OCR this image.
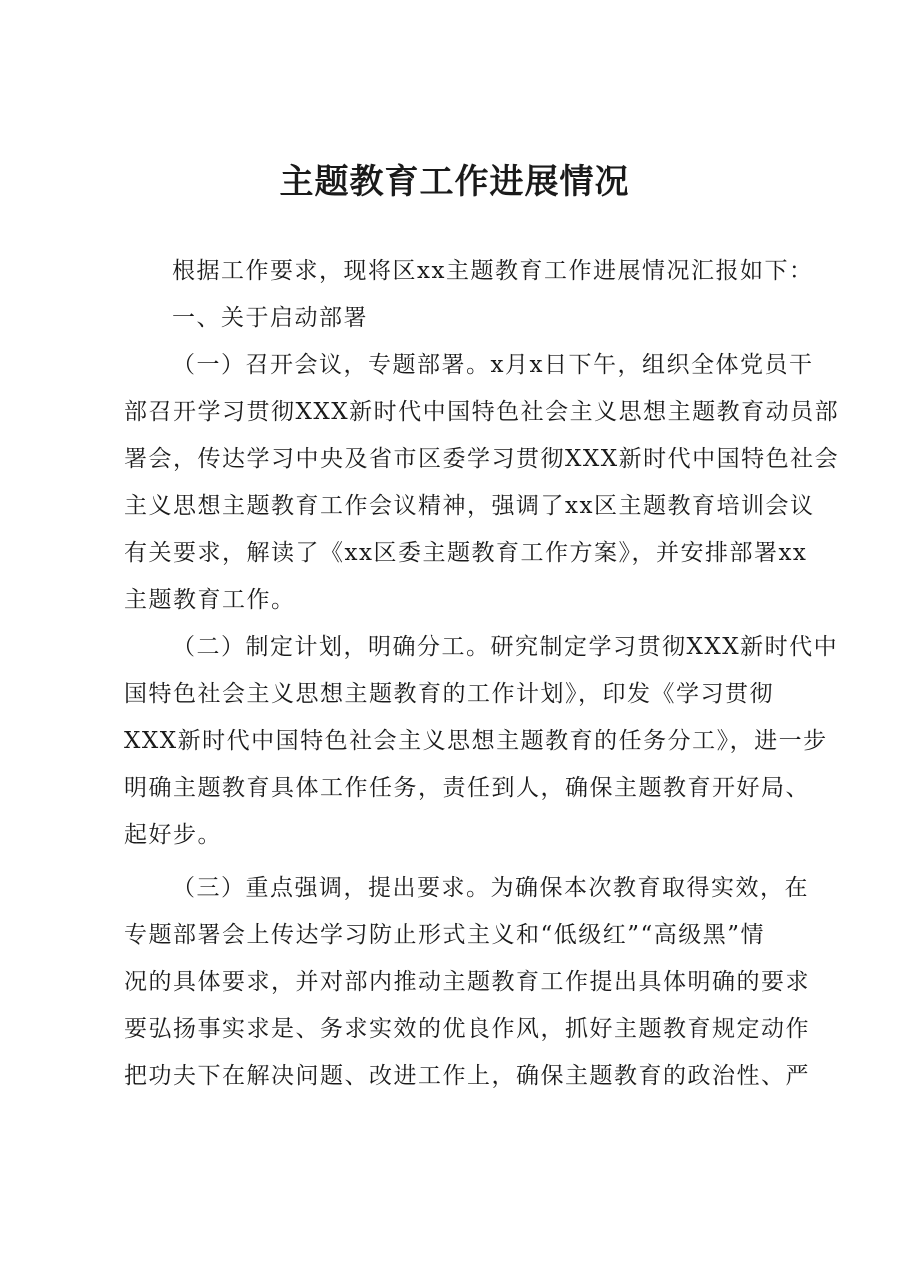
主题教育工作进展情况
根据工作要求，现将区xx主题教育工作进展情况汇报如下：
一、关于启动部署
（一）召开会议，专题部署。x月x日下午，组织全体党员干
部召开学习贯彻XXX新时代中国特色社会主义思想主题教育动员部
署会，传达学习中央及省市区委学习贯彻XXX新时代中国特色社会
主义思想主题教育工作会议精神，强调了xx区主题教育培训会议
有关要求，解读了《xx区委主题教育工作方案》，并安排部署xx
主题教育工作。
（二）制定计划，明确分工。研究制定学习贯彻XXX新时代中
国特色社会主义思想主题教育的工作计划》，印发《学习贯彻
XXX新时代中国特色社会主义思想主题教育的任务分工》，进一步
明确主题教育具体工作任务，责任到人，确保主题教育开好局、
起好步。
（三）重点强调，提出要求。为确保本次教育取得实效，在
专题部署会上传达学习防止形式主义和“低级红”“高级黑”情
况的具体要求，并对部内推动主题教育工作提出具体明确的要求
要弘扬事实求是、务求实效的优良作风，抓好主题教育规定动作
把功夫下在解决问题、改进工作上，确保主题教育的政治性、严
